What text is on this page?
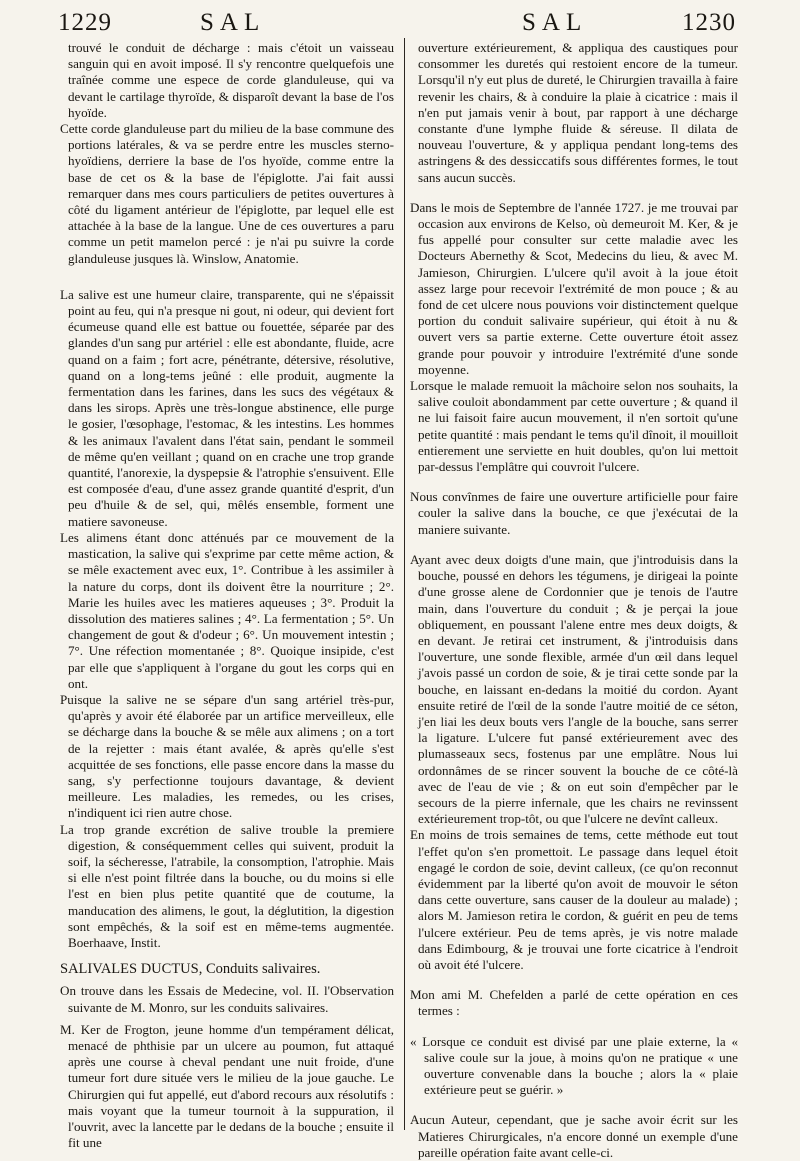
1229	SAL	SAL	1230

trouvé le conduit de décharge : mais c'étoit un vaisseau sanguin qui en avoit imposé. Il s'y rencontre quelquefois une traînée comme une espece de corde glanduleuse, qui va devant le cartilage thyroïde, & disparoît devant la base de l'os hyoïde.

Cette corde glanduleuse part du milieu de la base commune des portions latérales, & va se perdre entre les muscles sterno-hyoïdiens, derriere la base de l'os hyoïde, comme entre la base de cet os & la base de l'épiglotte. J'ai fait aussi remarquer dans mes cours particuliers de petites ouvertures à côté du ligament antérieur de l'épiglotte, par lequel elle est attachée à la base de la langue. Une de ces ouvertures a paru comme un petit mamelon percé : je n'ai pu suivre la corde glanduleuse jusques là. Winslow, Anatomie.

La salive est une humeur claire, transparente, qui ne s'épaissit point au feu, qui n'a presque ni gout, ni odeur, qui devient fort écumeuse quand elle est battue ou fouettée, séparée par des glandes d'un sang pur artériel : elle est abondante, fluide, acre quand on a faim ; fort acre, pénétrante, détersive, résolutive, quand on a long-tems jeûné : elle produit, augmente la fermentation dans les farines, dans les sucs des végétaux & dans les sirops. Après une très-longue abstinence, elle purge le gosier, l'œsophage, l'estomac, & les intestins. Les hommes & les animaux l'avalent dans l'état sain, pendant le sommeil de même qu'en veillant ; quand on en crache une trop grande quantité, l'anorexie, la dyspepsie & l'atrophie s'ensuivent. Elle est composée d'eau, d'une assez grande quantité d'esprit, d'un peu d'huile & de sel, qui, mêlés ensemble, forment une matiere savoneuse.

Les alimens étant donc atténués par ce mouvement de la mastication, la salive qui s'exprime par cette même action, & se mêle exactement avec eux, 1°. Contribue à les assimiler à la nature du corps, dont ils doivent être la nourriture ; 2°. Marie les huiles avec les matieres aqueuses ; 3°. Produit la dissolution des matieres salines ; 4°. La fermentation ; 5°. Un changement de gout & d'odeur ; 6°. Un mouvement intestin ; 7°. Une réfection momentanée ; 8°. Quoique insipide, c'est par elle que s'appliquent à l'organe du gout les corps qui en ont.

Puisque la salive ne se sépare d'un sang artériel très-pur, qu'après y avoir été élaborée par un artifice merveilleux, elle se décharge dans la bouche & se mêle aux alimens ; on a tort de la rejetter : mais étant avalée, & après qu'elle s'est acquittée de ses fonctions, elle passe encore dans la masse du sang, s'y perfectionne toujours davantage, & devient meilleure. Les maladies, les remedes, ou les crises, n'indiquent ici rien autre chose.

La trop grande excrétion de salive trouble la premiere digestion, & conséquemment celles qui suivent, produit la soif, la sécheresse, l'atrabile, la consomption, l'atrophie. Mais si elle n'est point filtrée dans la bouche, ou du moins si elle l'est en bien plus petite quantité que de coutume, la manducation des alimens, le gout, la déglutition, la digestion sont empêchés, & la soif est en même-tems augmentée. Boerhaave, Instit.

SALIVALES DUCTUS, Conduits salivaires.

On trouve dans les Essais de Medecine, vol. II. l'Observation suivante de M. Monro, sur les conduits salivaires.

M. Ker de Frogton, jeune homme d'un tempérament délicat, menacé de phthisie par un ulcere au poumon, fut attaqué après une course à cheval pendant une nuit froide, d'une tumeur fort dure située vers le milieu de la joue gauche. Le Chirurgien qui fut appellé, eut d'abord recours aux résolutifs : mais voyant que la tumeur tournoit à la suppuration, il l'ouvrit, avec la lancette par le dedans de la bouche ; ensuite il fit une

ouverture extérieurement, & appliqua des caustiques pour consommer les duretés qui restoient encore de la tumeur. Lorsqu'il n'y eut plus de dureté, le Chirurgien travailla à faire revenir les chairs, & à conduire la plaie à cicatrice : mais il n'en put jamais venir à bout, par rapport à une décharge constante d'une lymphe fluide & séreuse. Il dilata de nouveau l'ouverture, & y appliqua pendant long-tems des astringens & des dessiccatifs sous différentes formes, le tout sans aucun succès.

Dans le mois de Septembre de l'année 1727. je me trouvai par occasion aux environs de Kelso, où demeuroit M. Ker, & je fus appellé pour consulter sur cette maladie avec les Docteurs Abernethy & Scot, Medecins du lieu, & avec M. Jamieson, Chirurgien. L'ulcere qu'il avoit à la joue étoit assez large pour recevoir l'extrémité de mon pouce ; & au fond de cet ulcere nous pouvions voir distinctement quelque portion du conduit salivaire supérieur, qui étoit à nu & ouvert vers sa partie externe. Cette ouverture étoit assez grande pour pouvoir y introduire l'extrémité d'une sonde moyenne.

Lorsque le malade remuoit la mâchoire selon nos souhaits, la salive couloit abondamment par cette ouverture ; & quand il ne lui faisoit faire aucun mouvement, il n'en sortoit qu'une petite quantité : mais pendant le tems qu'il dînoit, il mouilloit entierement une serviette en huit doubles, qu'on lui mettoit par-dessus l'emplâtre qui couvroit l'ulcere.

Nous convînmes de faire une ouverture artificielle pour faire couler la salive dans la bouche, ce que j'exécutai de la maniere suivante.

Ayant avec deux doigts d'une main, que j'introduisis dans la bouche, poussé en dehors les tégumens, je dirigeai la pointe d'une grosse alene de Cordonnier que je tenois de l'autre main, dans l'ouverture du conduit ; & je perçai la joue obliquement, en poussant l'alene entre mes deux doigts, & en devant. Je retirai cet instrument, & j'introduisis dans l'ouverture, une sonde flexible, armée d'un œil dans lequel j'avois passé un cordon de soie, & je tirai cette sonde par la bouche, en laissant en-dedans la moitié du cordon. Ayant ensuite retiré de l'œil de la sonde l'autre moitié de ce séton, j'en liai les deux bouts vers l'angle de la bouche, sans serrer la ligature. L'ulcere fut pansé extérieurement avec des plumasseaux secs, fostenus par une emplâtre. Nous lui ordonnâmes de se rincer souvent la bouche de ce côté-là avec de l'eau de vie ; & on eut soin d'empêcher par le secours de la pierre infernale, que les chairs ne revinssent extérieurement trop-tôt, ou que l'ulcere ne devînt calleux.

En moins de trois semaines de tems, cette méthode eut tout l'effet qu'on s'en promettoit. Le passage dans lequel étoit engagé le cordon de soie, devint calleux, (ce qu'on reconnut évidemment par la liberté qu'on avoit de mouvoir le séton dans cette ouverture, sans causer de la douleur au malade) ; alors M. Jamieson retira le cordon, & guérit en peu de tems l'ulcere extérieur. Peu de tems après, je vis notre malade dans Edimbourg, & je trouvai une forte cicatrice à l'endroit où avoit été l'ulcere.

Mon ami M. Chefelden a parlé de cette opération en ces termes :

« Lorsque ce conduit est divisé par une plaie externe, la « salive coule sur la joue, à moins qu'on ne pratique « une ouverture convenable dans la bouche ; alors la « plaie extérieure peut se guérir. »

Aucun Auteur, cependant, que je sache avoir écrit sur les Matieres Chirurgicales, n'a encore donné un exemple d'une pareille opération faite avant celle-ci.
